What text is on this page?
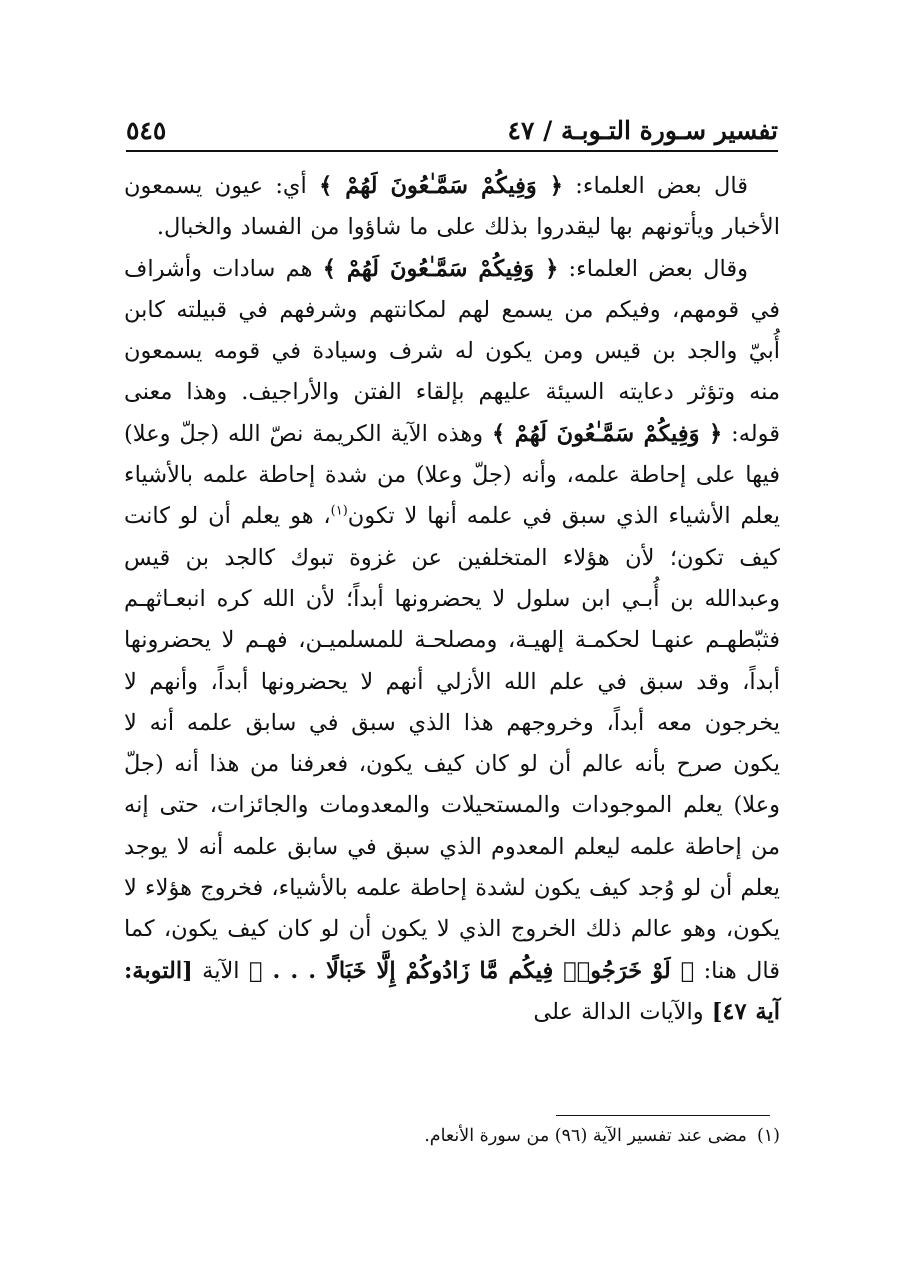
تفسير سـورة التـوبـة / ٤٧
٥٤٥

قال بعض العلماء: ﴿ وَفِيكُمْ سَمَّـٰعُونَ لَهُمْ ﴾ أي: عيون يسمعون الأخبار ويأتونهم بها ليقدروا بذلك على ما شاؤوا من الفساد والخبال.

وقال بعض العلماء: ﴿ وَفِيكُمْ سَمَّـٰعُونَ لَهُمْ ﴾ هم سادات وأشراف في قومهم، وفيكم من يسمع لهم لمكانتهم وشرفهم في قبيلته كابن أُبيّ والجد بن قيس ومن يكون له شرف وسيادة في قومه يسمعون منه وتؤثر دعايته السيئة عليهم بإلقاء الفتن والأراجيف. وهذا معنى قوله: ﴿ وَفِيكُمْ سَمَّـٰعُونَ لَهُمْ ﴾ وهذه الآية الكريمة نصّ الله (جلّ وعلا) فيها على إحاطة علمه، وأنه (جلّ وعلا) من شدة إحاطة علمه بالأشياء يعلم الأشياء الذي سبق في علمه أنها لا تكون$^{(١)}$، هو يعلم أن لو كانت كيف تكون؛ لأن هؤلاء المتخلفين عن غزوة تبوك كالجد بن قيس وعبدالله بن أُبـي ابن سلول لا يحضرونها أبداً؛ لأن الله كره انبعـاثهـم فثبّطهـم عنهـا لحكمـة إلهيـة، ومصلحـة للمسلميـن، فهـم لا يحضرونها أبداً، وقد سبق في علم الله الأزلي أنهم لا يحضرونها أبداً، وأنهم لا يخرجون معه أبداً، وخروجهم هذا الذي سبق في سابق علمه أنه لا يكون صرح بأنه عالم أن لو كان كيف يكون، فعرفنا من هذا أنه (جلّ وعلا) يعلم الموجودات والمستحيلات والمعدومات والجائزات، حتى إنه من إحاطة علمه ليعلم المعدوم الذي سبق في سابق علمه أنه لا يوجد يعلم أن لو وُجد كيف يكون لشدة إحاطة علمه بالأشياء، فخروج هؤلاء لا يكون، وهو عالم ذلك الخروج الذي لا يكون أن لو كان كيف يكون، كما قال هنا: ﴿ لَوْ خَرَجُوا۟ فِيكُم مَّا زَادُوكُمْ إِلَّا خَبَالًا . . . ﴾ الآية [التوبة: آية ٤٧] والآيات الدالة على

(١)مضى عند تفسير الآية (٩٦) من سورة الأنعام.
